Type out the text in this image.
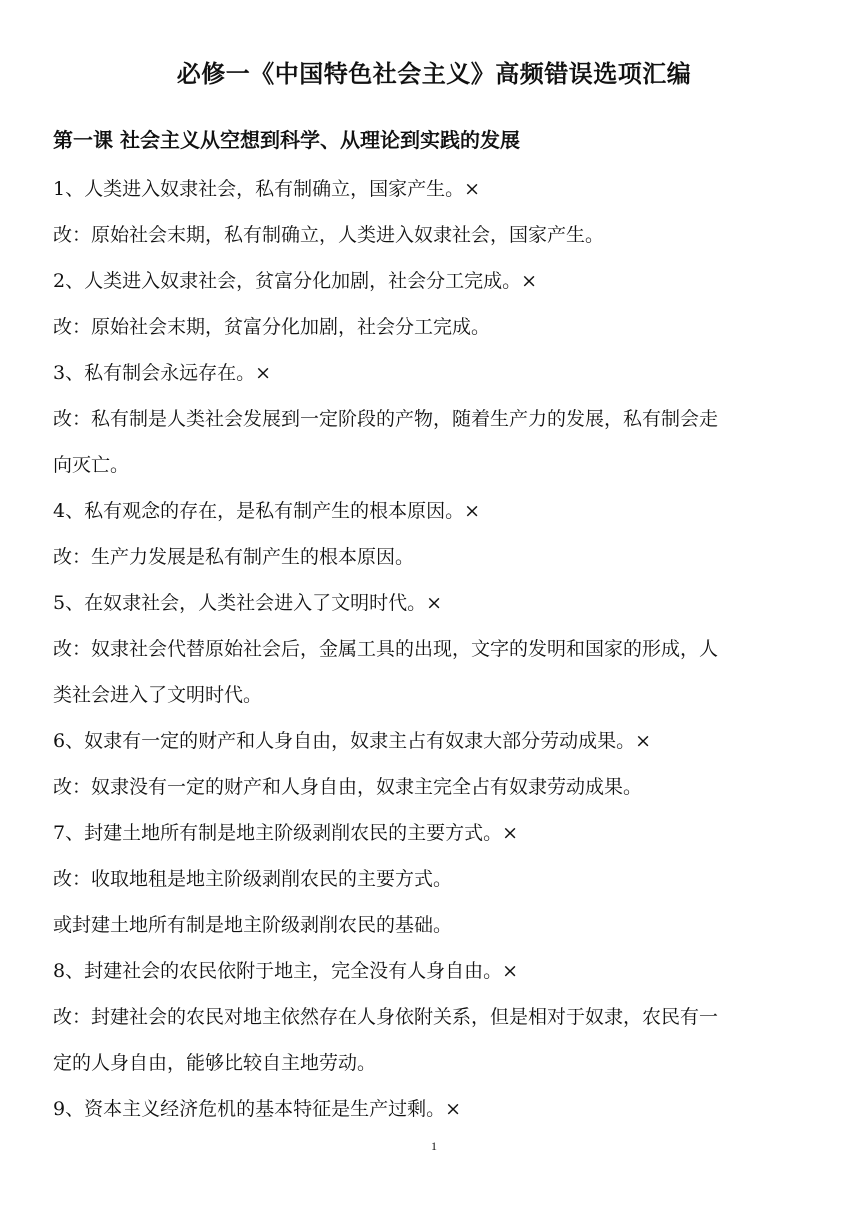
必修一《中国特色社会主义》高频错误选项汇编
第一课 社会主义从空想到科学、从理论到实践的发展
1、人类进入奴隶社会，私有制确立，国家产生。×
改：原始社会末期，私有制确立，人类进入奴隶社会，国家产生。
2、人类进入奴隶社会，贫富分化加剧，社会分工完成。×
改：原始社会末期，贫富分化加剧，社会分工完成。
3、私有制会永远存在。×
改：私有制是人类社会发展到一定阶段的产物，随着生产力的发展，私有制会走
向灭亡。
4、私有观念的存在，是私有制产生的根本原因。×
改：生产力发展是私有制产生的根本原因。
5、在奴隶社会，人类社会进入了文明时代。×
改：奴隶社会代替原始社会后，金属工具的出现，文字的发明和国家的形成，人
类社会进入了文明时代。
6、奴隶有一定的财产和人身自由，奴隶主占有奴隶大部分劳动成果。×
改：奴隶没有一定的财产和人身自由，奴隶主完全占有奴隶劳动成果。
7、封建土地所有制是地主阶级剥削农民的主要方式。×
改：收取地租是地主阶级剥削农民的主要方式。
或封建土地所有制是地主阶级剥削农民的基础。
8、封建社会的农民依附于地主，完全没有人身自由。×
改：封建社会的农民对地主依然存在人身依附关系，但是相对于奴隶，农民有一
定的人身自由，能够比较自主地劳动。
9、资本主义经济危机的基本特征是生产过剩。×
1
